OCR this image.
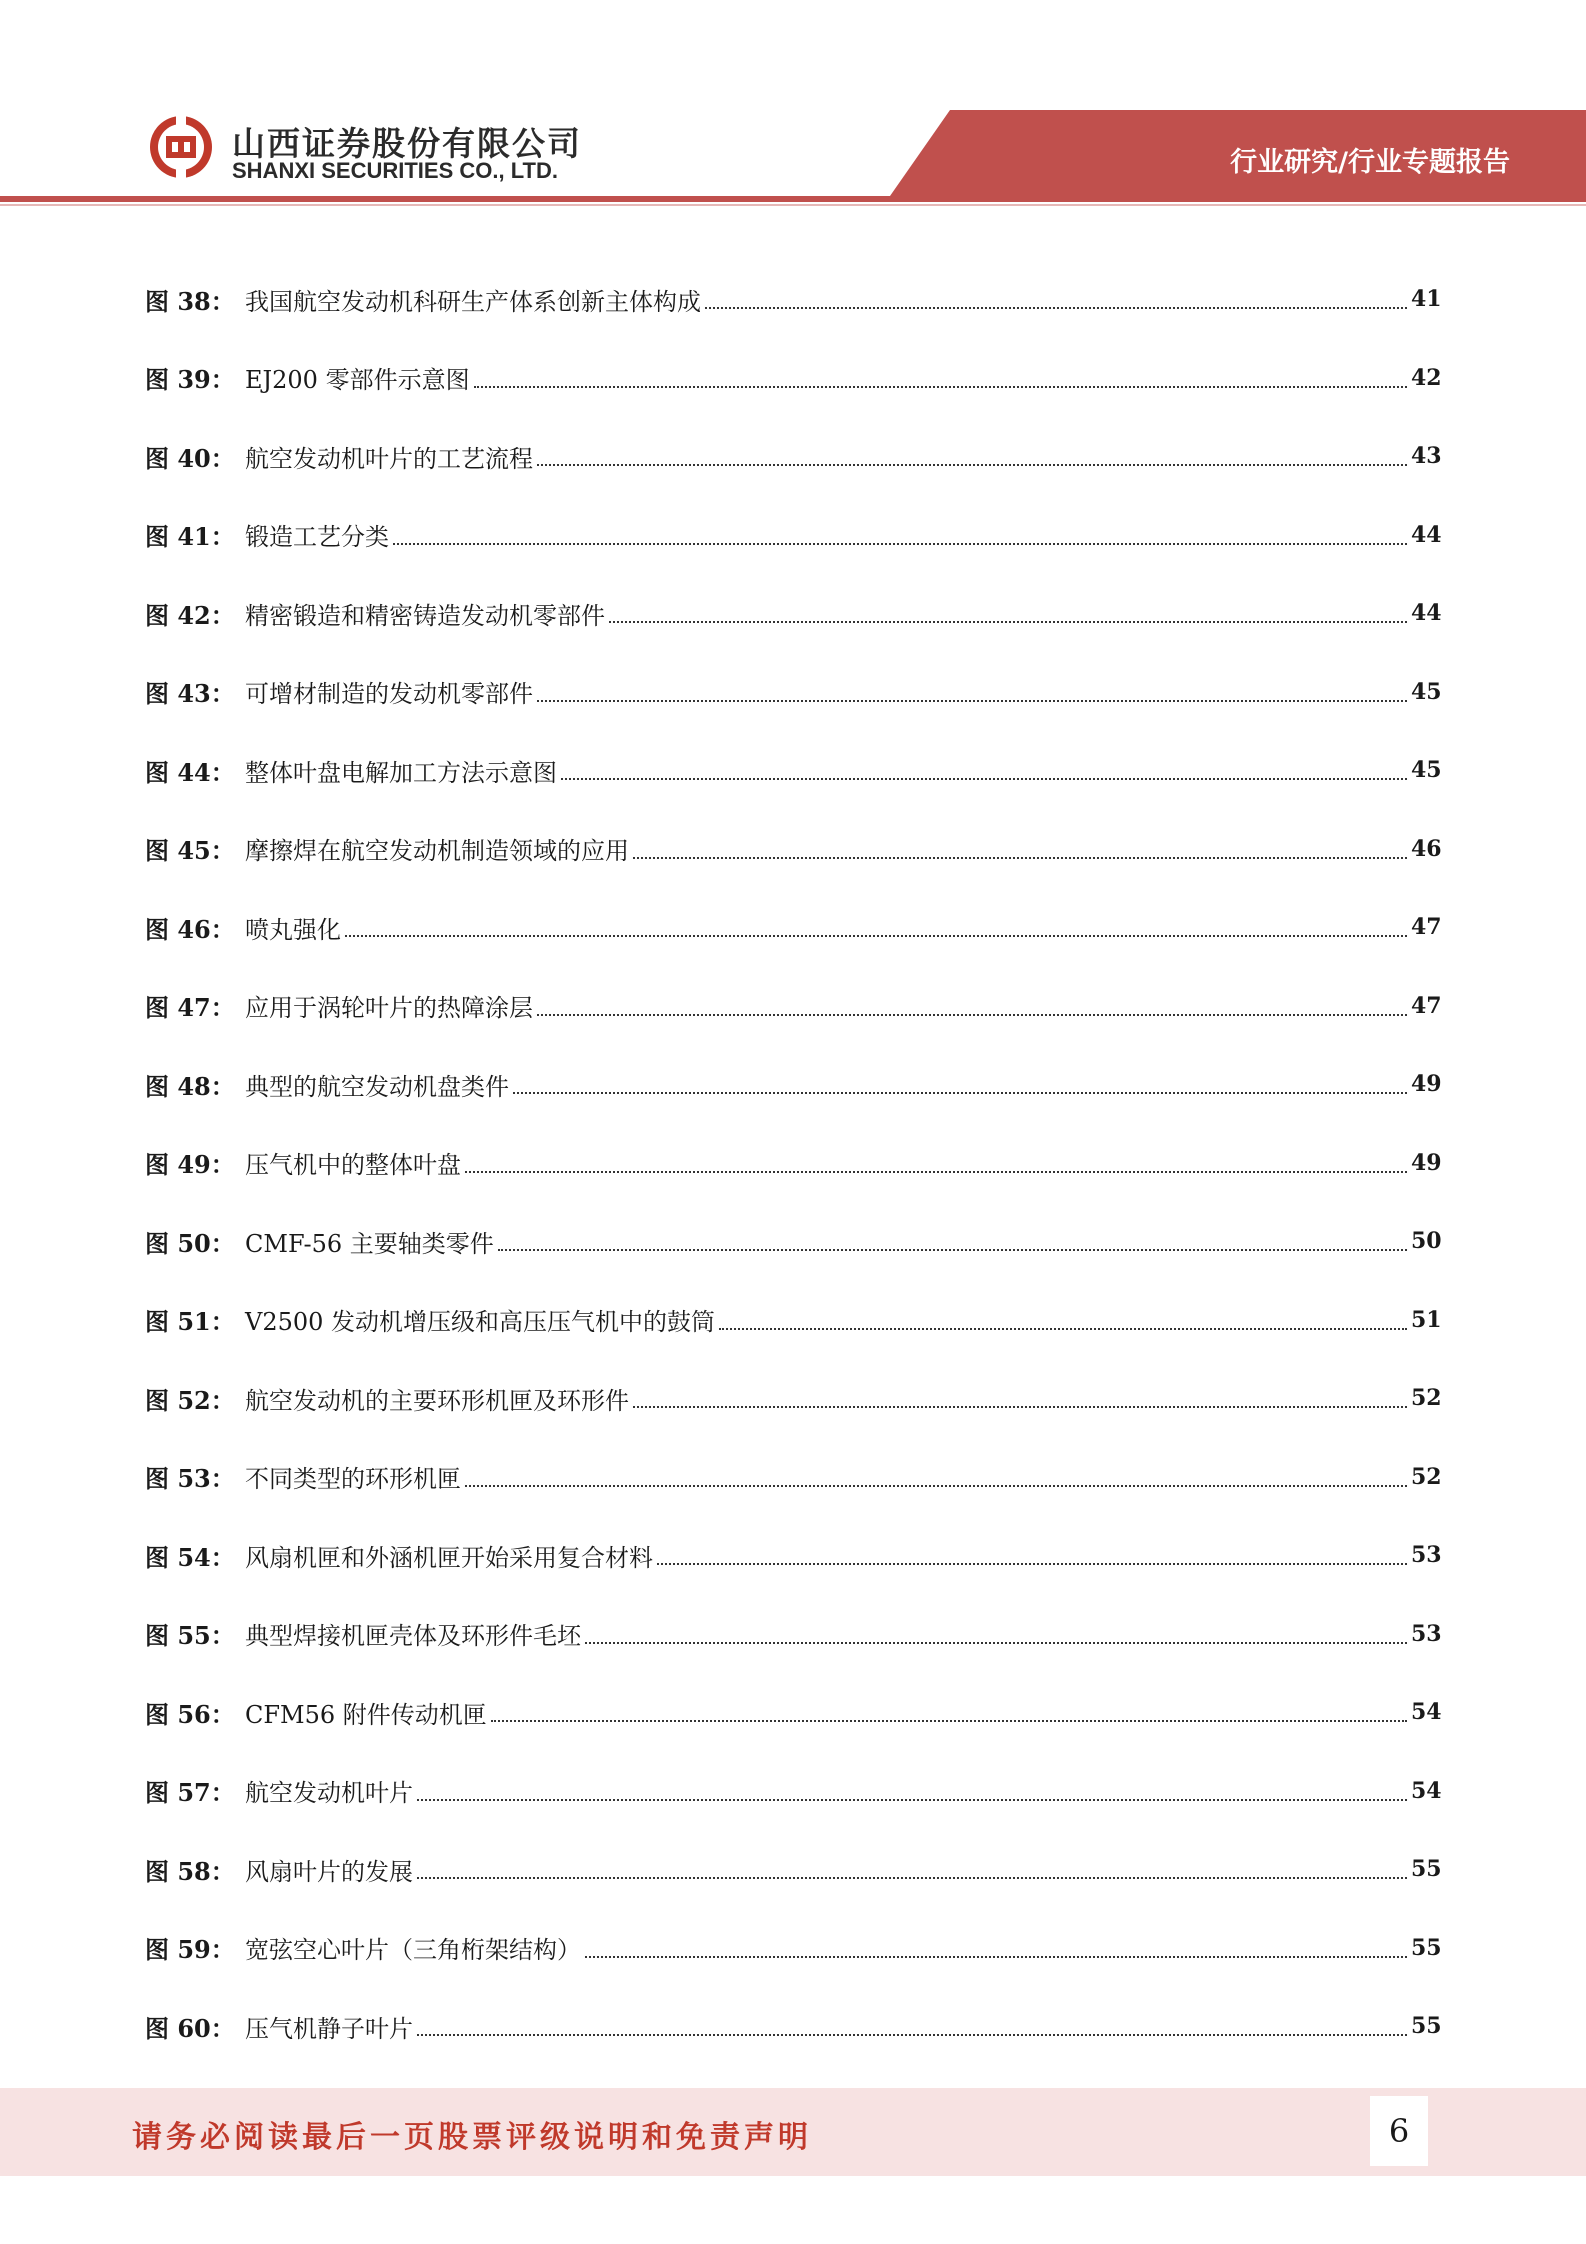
山西证券股份有限公司
SHANXI SECURITIES CO., LTD.	行业研究/行业专题报告
图 38： 我国航空发动机科研生产体系创新主体构成	41
图 39： EJ200 零部件示意图	42
图 40： 航空发动机叶片的工艺流程	43
图 41： 锻造工艺分类	44
图 42： 精密锻造和精密铸造发动机零部件	44
图 43： 可增材制造的发动机零部件	45
图 44： 整体叶盘电解加工方法示意图	45
图 45： 摩擦焊在航空发动机制造领域的应用	46
图 46： 喷丸强化	47
图 47： 应用于涡轮叶片的热障涂层	47
图 48： 典型的航空发动机盘类件	49
图 49： 压气机中的整体叶盘	49
图 50： CMF-56 主要轴类零件	50
图 51： V2500 发动机增压级和高压压气机中的鼓筒	51
图 52： 航空发动机的主要环形机匣及环形件	52
图 53： 不同类型的环形机匣	52
图 54： 风扇机匣和外涵机匣开始采用复合材料	53
图 55： 典型焊接机匣壳体及环形件毛坯	53
图 56： CFM56 附件传动机匣	54
图 57： 航空发动机叶片	54
图 58： 风扇叶片的发展	55
图 59： 宽弦空心叶片（三角桁架结构）	55
图 60： 压气机静子叶片	55
请务必阅读最后一页股票评级说明和免责声明	6
